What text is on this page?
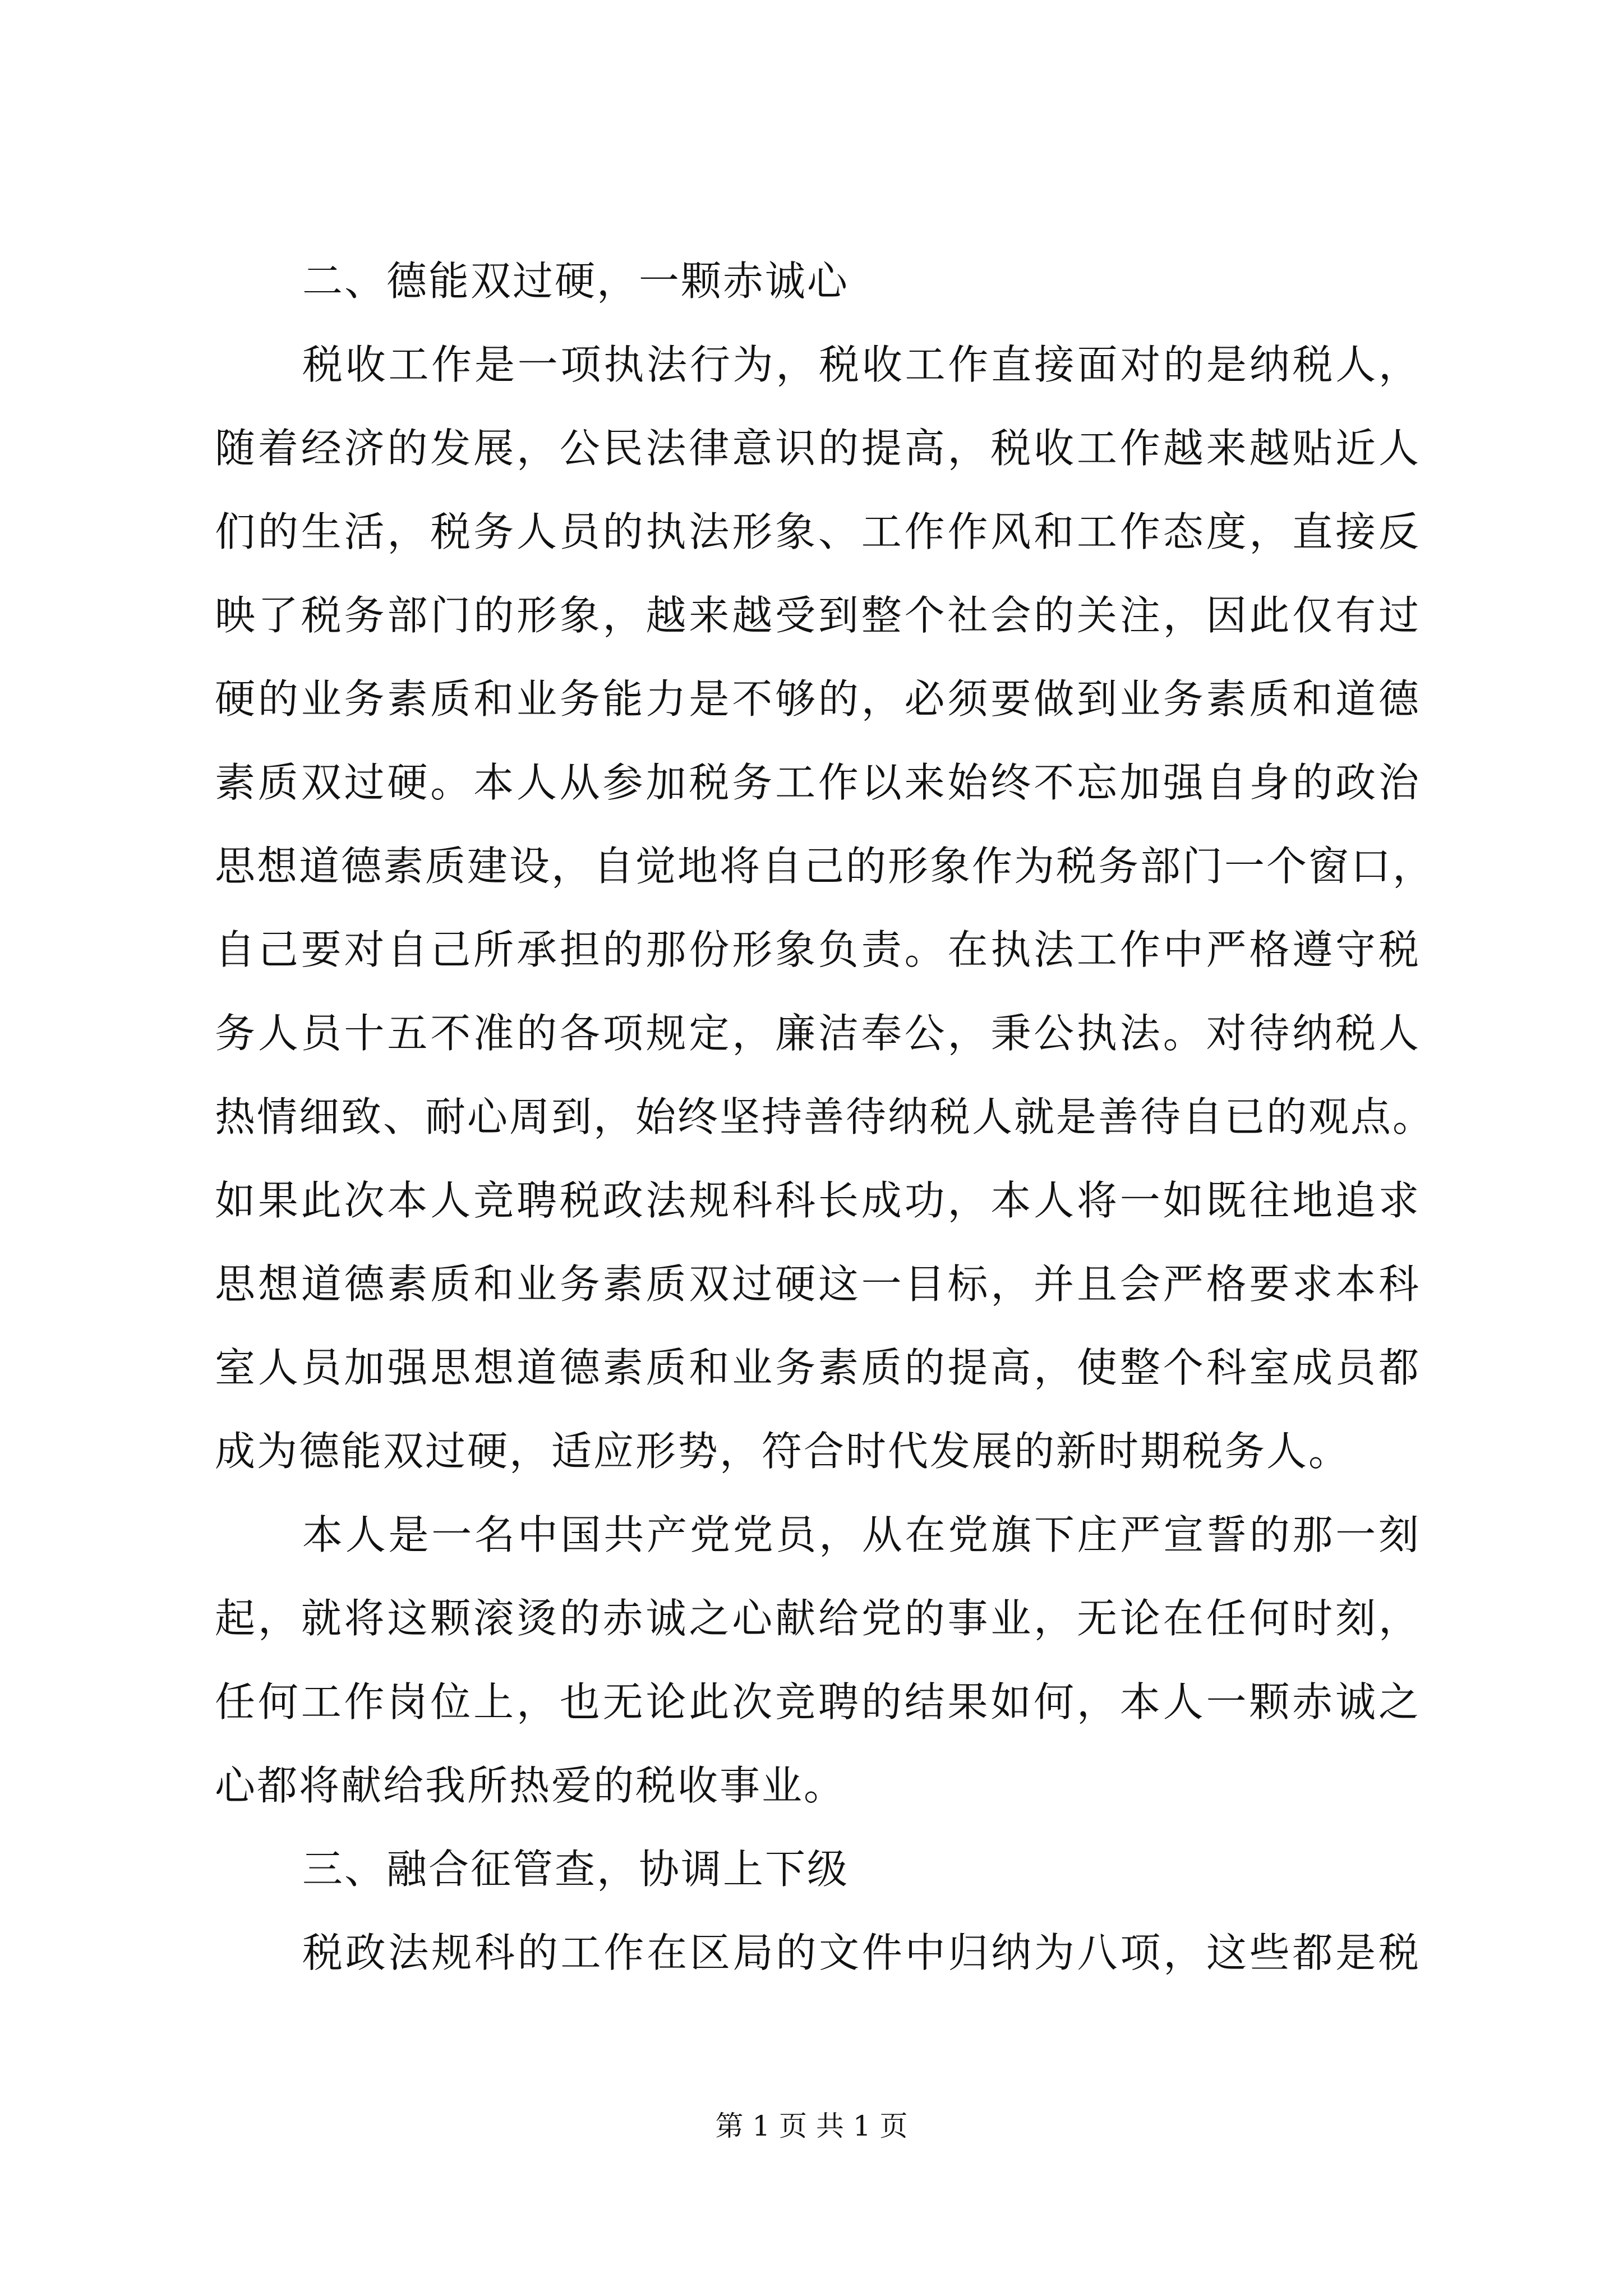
二、德能双过硬，一颗赤诚心
税收工作是一项执法行为，税收工作直接面对的是纳税人，
随着经济的发展，公民法律意识的提高，税收工作越来越贴近人
们的生活，税务人员的执法形象、工作作风和工作态度，直接反
映了税务部门的形象，越来越受到整个社会的关注，因此仅有过
硬的业务素质和业务能力是不够的，必须要做到业务素质和道德
素质双过硬。本人从参加税务工作以来始终不忘加强自身的政治
思想道德素质建设，自觉地将自己的形象作为税务部门一个窗口，
自己要对自己所承担的那份形象负责。在执法工作中严格遵守税
务人员十五不准的各项规定，廉洁奉公，秉公执法。对待纳税人
热情细致、耐心周到，始终坚持善待纳税人就是善待自已的观点。
如果此次本人竞聘税政法规科科长成功，本人将一如既往地追求
思想道德素质和业务素质双过硬这一目标，并且会严格要求本科
室人员加强思想道德素质和业务素质的提高，使整个科室成员都
成为德能双过硬，适应形势，符合时代发展的新时期税务人。
本人是一名中国共产党党员，从在党旗下庄严宣誓的那一刻
起，就将这颗滚烫的赤诚之心献给党的事业，无论在任何时刻，
任何工作岗位上，也无论此次竞聘的结果如何，本人一颗赤诚之
心都将献给我所热爱的税收事业。
三、融合征管查，协调上下级
税政法规科的工作在区局的文件中归纳为八项，这些都是税
第 1 页 共 1 页
